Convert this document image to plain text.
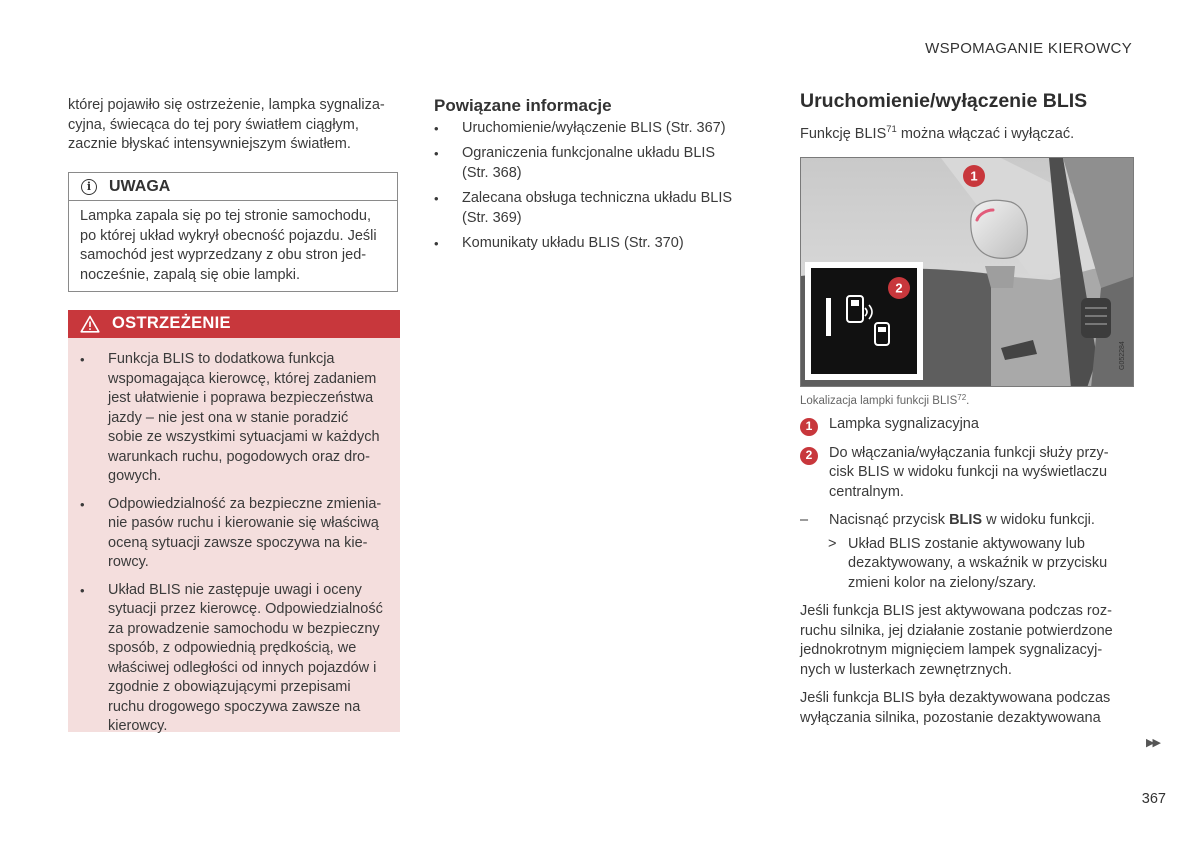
WSPOMAGANIE KIEROWCY

której pojawiło się ostrzeżenie, lampka sygnaliza-
cyjna, świecąca do tej pory światłem ciągłym,
zacznie błyskać intensywniejszym światłem.

i	UWAGA
Lampka zapala się po tej stronie samochodu,
po której układ wykrył obecność pojazdu. Jeśli
samochód jest wyprzedzany z obu stron jed-
nocześnie, zapalą się obie lampki.
OSTRZEŻENIE
• Funkcja BLIS to dodatkowa funkcja
wspomagająca kierowcę, której zadaniem
jest ułatwienie i poprawa bezpieczeństwa
jazdy – nie jest ona w stanie poradzić
sobie ze wszystkimi sytuacjami w każdych
warunkach ruchu, pogodowych oraz dro-
gowych.
• Odpowiedzialność za bezpieczne zmienia-
nie pasów ruchu i kierowanie się właściwą
oceną sytuacji zawsze spoczywa na kie-
rowcy.
• Układ BLIS nie zastępuje uwagi i oceny
sytuacji przez kierowcę. Odpowiedzialność
za prowadzenie samochodu w bezpieczny
sposób, z odpowiednią prędkością, we
właściwej odległości od innych pojazdów i
zgodnie z obowiązującymi przepisami
ruchu drogowego spoczywa zawsze na
kierowcy.
Powiązane informacje
• Uruchomienie/wyłączenie BLIS (Str. 367)
• Ograniczenia funkcjonalne układu BLIS
(Str. 368)
• Zalecana obsługa techniczna układu BLIS
(Str. 369)
• Komunikaty układu BLIS (Str. 370)
Uruchomienie/wyłączenie BLIS
Funkcję BLIS$^{71}$ można włączać i wyłączać.
1
2
G052284
Lokalizacja lampki funkcji BLIS$^{72}$.
1	Lampka sygnalizacyjna
2	Do włączania/wyłączania funkcji służy przy-
cisk BLIS w widoku funkcji na wyświetlaczu
centralnym.
– Nacisnąć przycisk BLIS w widoku funkcji.
> Układ BLIS zostanie aktywowany lub
dezaktywowany, a wskaźnik w przycisku
zmieni kolor na zielony/szary.

Jeśli funkcja BLIS jest aktywowana podczas roz-
ruchu silnika, jej działanie zostanie potwierdzone
jednokrotnym mignięciem lampek sygnalizacyj-
nych w lusterkach zewnętrznych.

Jeśli funkcja BLIS była dezaktywowana podczas
wyłączania silnika, pozostanie dezaktywowana

▶▶
367
